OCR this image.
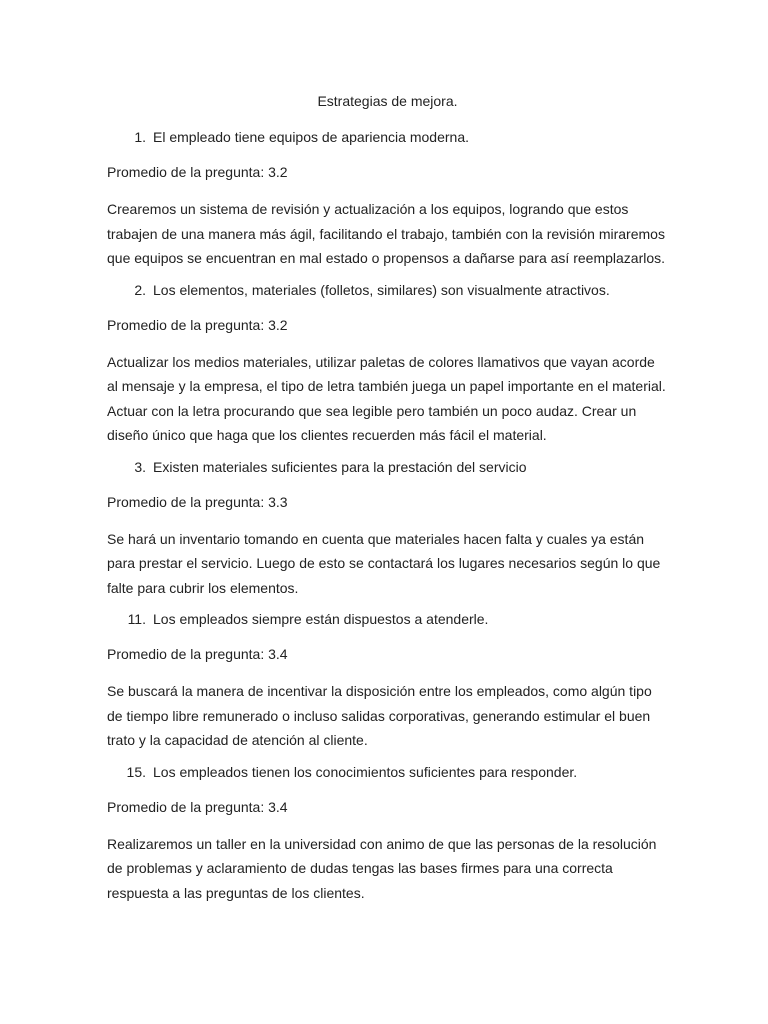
Estrategias de mejora.
1. El empleado tiene equipos de apariencia moderna.
Promedio de la pregunta: 3.2
Crearemos un sistema de revisión y actualización a los equipos, logrando que estos trabajen de una manera más ágil, facilitando el trabajo, también con la revisión miraremos que equipos se encuentran en mal estado o propensos a dañarse para así reemplazarlos.
2. Los elementos, materiales (folletos, similares) son visualmente atractivos.
Promedio de la pregunta: 3.2
Actualizar los medios materiales, utilizar paletas de colores llamativos que vayan acorde al mensaje y la empresa, el tipo de letra también juega un papel importante en el material. Actuar con la letra procurando que sea legible pero también un poco audaz. Crear un diseño único que haga que los clientes recuerden más fácil el material.
3. Existen materiales suficientes para la prestación del servicio
Promedio de la pregunta: 3.3
Se hará un inventario tomando en cuenta que materiales hacen falta y cuales ya están para prestar el servicio. Luego de esto se contactará los lugares necesarios según lo que falte para cubrir los elementos.
11. Los empleados siempre están dispuestos a atenderle.
Promedio de la pregunta: 3.4
Se buscará la manera de incentivar la disposición entre los empleados, como algún tipo de tiempo libre remunerado o incluso salidas corporativas, generando estimular el buen trato y la capacidad de atención al cliente.
15. Los empleados tienen los conocimientos suficientes para responder.
Promedio de la pregunta: 3.4
Realizaremos un taller en la universidad con animo de que las personas de la resolución de problemas y aclaramiento de dudas tengas las bases firmes para una correcta respuesta a las preguntas de los clientes.
